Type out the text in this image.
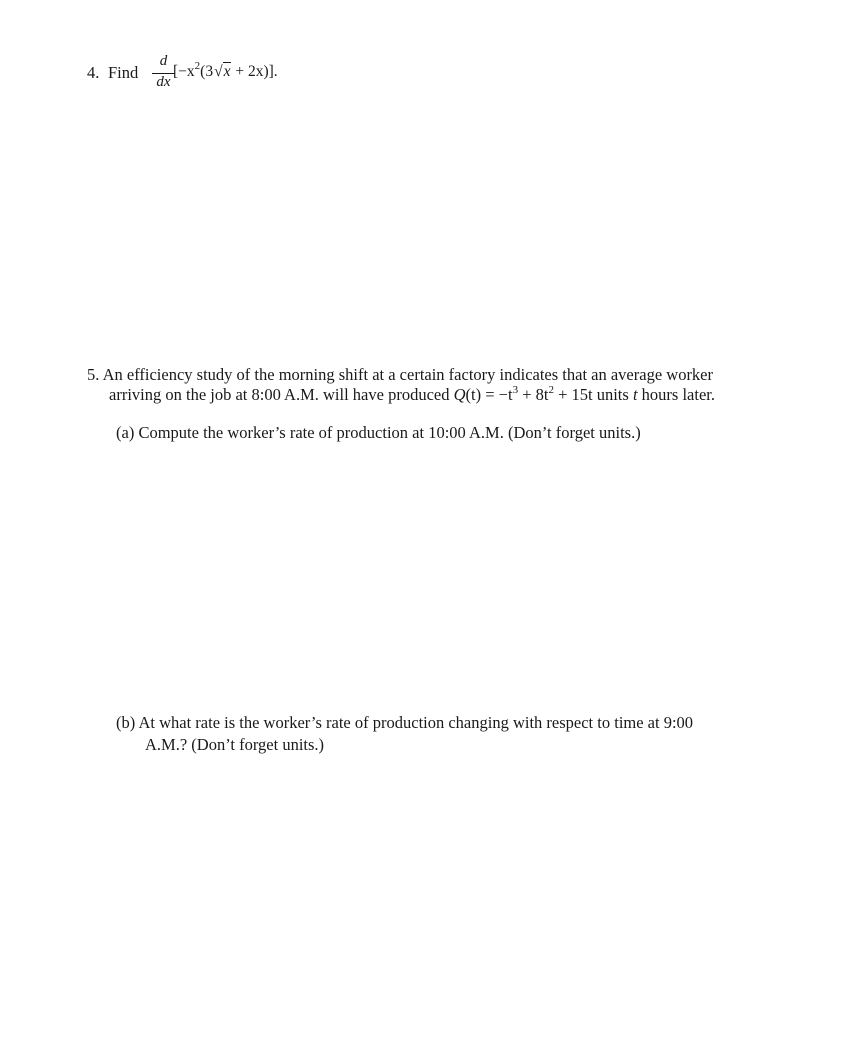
4. Find
d
dx
$[-x^2(3√x + 2x)]$.
5. An efficiency study of the morning shift at a certain factory indicates that an average worker
arriving on the job at 8:00 A.M. will have produced $Q(t) = -t^3 + 8t^2 + 15t$ units t hours later.
(a) Compute the worker’s rate of production at 10:00 A.M. (Don’t forget units.)
(b) At what rate is the worker’s rate of production changing with respect to time at 9:00
A.M.? (Don’t forget units.)
